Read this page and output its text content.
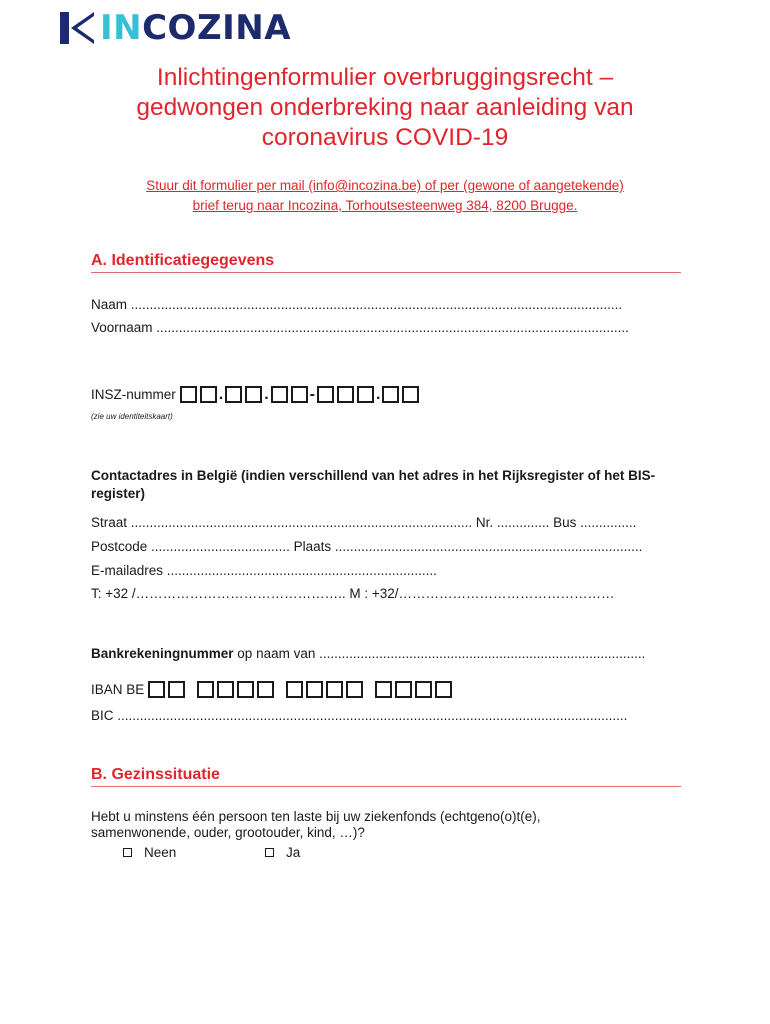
INCOZINA
Inlichtingenformulier overbruggingsrecht –
gedwongen onderbreking naar aanleiding van
coronavirus COVID-19
Stuur dit formulier per mail (info@incozina.be) of per (gewone of aangetekende)
brief terug naar Incozina, Torhoutsesteenweg 384, 8200 Brugge.
A. Identificatiegegevens
Naam ...................................................................................................................................
Voornaam ..............................................................................................................................
INSZ-nummer	.	.	-	.
(zie uw identiteitskaart)
Contactadres in België (indien verschillend van het adres in het Rijksregister of het BIS-
register)
Straat ........................................................................................... Nr. .............. Bus ...............
Postcode ..................................... Plaats ..................................................................................
E-mailadres ........................................................................
T: +32 /……………………………………….. M : +32/…………………………………………
Bankrekeningnummer op naam van .......................................................................................
IBAN BE
BIC ........................................................................................................................................
B. Gezinssituatie
Hebt u minstens één persoon ten laste bij uw ziekenfonds (echtgeno(o)t(e),
samenwonende, ouder, grootouder, kind, …)?
Neen	Ja
